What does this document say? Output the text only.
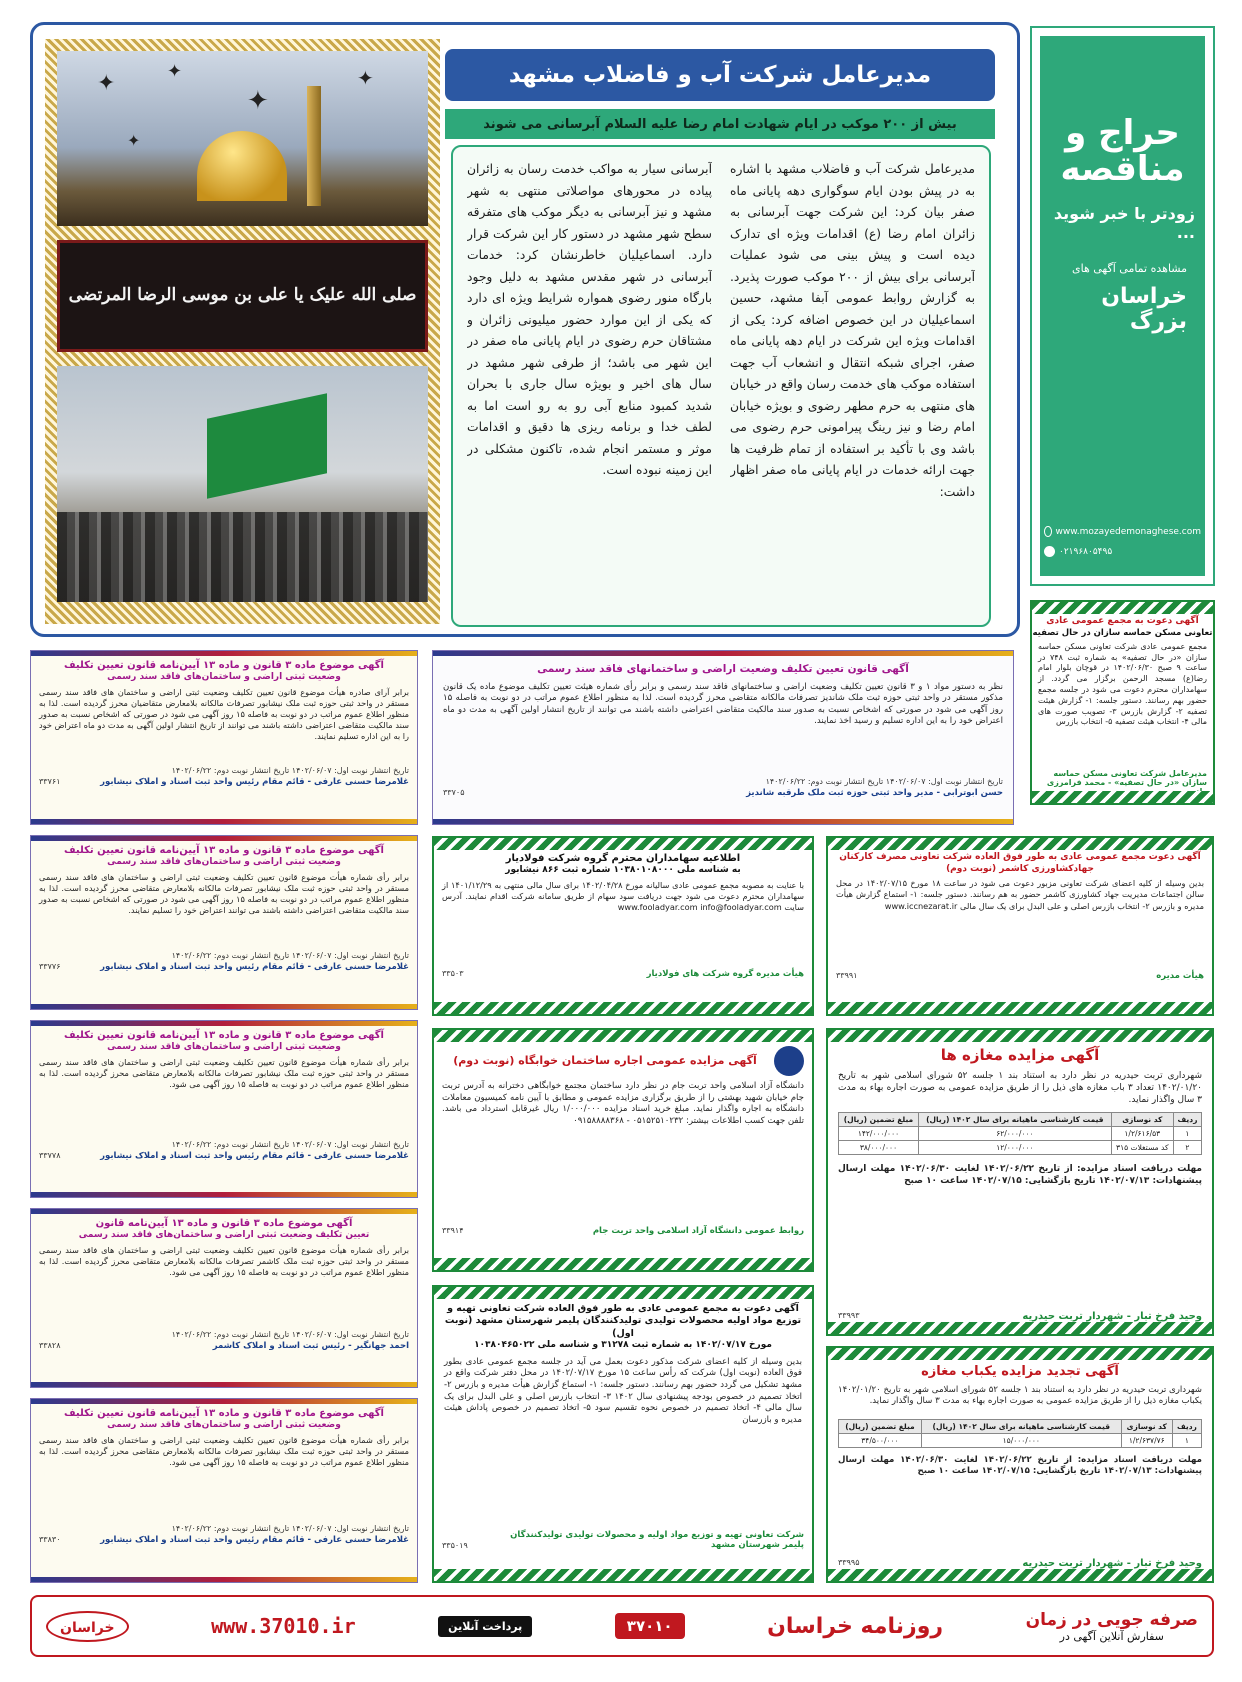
حراج و مناقصه
زودتر با خبر شوید ...
مشاهده تمامی آگهی های
خراسان بزرگ
www.mozayedemonaghese.com
۰۲۱۹۶۸۰۵۴۹۵
✦	✦
✦
✦
✦
صلی الله علیک یا علی بن موسی الرضا المرتضی
مدیرعامل شرکت آب و فاضلاب مشهد
بیش از ۲۰۰ موکب در ایام شهادت امام رضا علیه السلام آبرسانی می شوند

مدیرعامل شرکت آب و فاضلاب مشهد با اشاره به در پیش بودن ایام سوگواری دهه پایانی ماه صفر بیان کرد: این شرکت جهت آبرسانی به زائران امام رضا (ع) اقدامات ویژه ای تدارک دیده است و پیش بینی می شود عملیات آبرسانی برای بیش از ۲۰۰ موکب صورت پذیرد. به گزارش روابط عمومی آبفا مشهد، حسین اسماعیلیان در این خصوص اضافه کرد: یکی از اقدامات ویژه این شرکت در ایام دهه پایانی ماه صفر، اجرای شبکه انتقال و انشعاب آب جهت استفاده موکب های خدمت رسان واقع در خیابان های منتهی به حرم مطهر رضوی و بویژه خیابان امام رضا و نیز رینگ پیرامونی حرم رضوی می باشد وی با تأکید بر استفاده از تمام ظرفیت ها جهت ارائه خدمات در ایام پایانی ماه صفر اظهار داشت:

آبرسانی سیار به مواکب خدمت رسان به زائران پیاده در محورهای مواصلاتی منتهی به شهر مشهد و نیز آبرسانی به دیگر موکب های متفرقه سطح شهر مشهد در دستور کار این شرکت قرار دارد. اسماعیلیان خاطرنشان کرد: خدمات آبرسانی در شهر مقدس مشهد به دلیل وجود بارگاه منور رضوی همواره شرایط ویژه ای دارد که یکی از این موارد حضور میلیونی زائران و مشتاقان حرم رضوی در ایام پایانی ماه صفر در این شهر می باشد؛ از طرفی شهر مشهد در سال های اخیر و بویژه سال جاری با بحران شدید کمبود منابع آبی رو به رو است اما به لطف خدا و برنامه ریزی ها دقیق و اقدامات موثر و مستمر انجام شده، تاکنون مشکلی در این زمینه نبوده است.

آگهی دعوت به مجمع عمومی عادی
تعاونی مسکن حماسه سازان در حال تصفیه

مجمع عمومی عادی شرکت تعاونی مسکن حماسه سازان «در حال تصفیه» به شماره ثبت ۷۴۸ در ساعت ۹ صبح ۱۴۰۲/۰۶/۳۰ در قوچان بلوار امام رضا(ع) مسجد الرحمن برگزار می گردد. از سهامداران محترم دعوت می شود در جلسه مجمع حضور بهم رسانند. دستور جلسه: ۱- گزارش هیئت تصفیه ۲- گزارش بازرس ۳- تصویب صورت های مالی ۴- انتخاب هیئت تصفیه ۵- انتخاب بازرس

مدیرعامل شرکت تعاونی مسکن حماسه سازان «در حال تصفیه» - محمد فرامرزی
آگهی موضوع ماده ۳ قانون و ماده ۱۳ آیین‌نامه قانون تعیین تکلیف
وضعیت ثبتی اراضی و ساختمان‌های فاقد سند رسمی

برابر آرای صادره هیأت موضوع قانون تعیین تکلیف وضعیت ثبتی اراضی و ساختمان های فاقد سند رسمی مستقر در واحد ثبتی حوزه ثبت ملک نیشابور تصرفات مالکانه بلامعارض متقاضیان محرز گردیده است. لذا به منظور اطلاع عموم مراتب در دو نوبت به فاصله ۱۵ روز آگهی می شود در صورتی که اشخاص نسبت به صدور سند مالکیت متقاضی اعتراضی داشته باشند می توانند از تاریخ انتشار اولین آگهی به مدت دو ماه اعتراض خود را به این اداره تسلیم نمایند.

تاریخ انتشار نوبت اول: ۱۴۰۲/۰۶/۰۷ تاریخ انتشار نوبت دوم: ۱۴۰۲/۰۶/۲۲
غلامرضا حسنی عارفی - قائم مقام رئیس واحد ثبت اسناد و املاک نیشابور
۳۳۷۶۱
آگهی موضوع ماده ۳ قانون و ماده ۱۳ آیین‌نامه قانون تعیین تکلیف
وضعیت ثبتی اراضی و ساختمان‌های فاقد سند رسمی

برابر رأی شماره هیأت موضوع قانون تعیین تکلیف وضعیت ثبتی اراضی و ساختمان های فاقد سند رسمی مستقر در واحد ثبتی حوزه ثبت ملک نیشابور تصرفات مالکانه بلامعارض متقاضی محرز گردیده است. لذا به منظور اطلاع عموم مراتب در دو نوبت به فاصله ۱۵ روز آگهی می شود در صورتی که اشخاص نسبت به صدور سند مالکیت متقاضی اعتراضی داشته باشند می توانند اعتراض خود را تسلیم نمایند.

تاریخ انتشار نوبت اول: ۱۴۰۲/۰۶/۰۷ تاریخ انتشار نوبت دوم: ۱۴۰۲/۰۶/۲۲
غلامرضا حسنی عارفی - قائم مقام رئیس واحد ثبت اسناد و املاک نیشابور
۳۳۷۷۶
آگهی موضوع ماده ۳ قانون و ماده ۱۳ آیین‌نامه قانون تعیین تکلیف
وضعیت ثبتی اراضی و ساختمان‌های فاقد سند رسمی

برابر رأی شماره هیأت موضوع قانون تعیین تکلیف وضعیت ثبتی اراضی و ساختمان های فاقد سند رسمی مستقر در واحد ثبتی حوزه ثبت ملک نیشابور تصرفات مالکانه بلامعارض متقاضی محرز گردیده است. لذا به منظور اطلاع عموم مراتب در دو نوبت به فاصله ۱۵ روز آگهی می شود.

تاریخ انتشار نوبت اول: ۱۴۰۲/۰۶/۰۷ تاریخ انتشار نوبت دوم: ۱۴۰۲/۰۶/۲۲
غلامرضا حسنی عارفی - قائم مقام رئیس واحد ثبت اسناد و املاک نیشابور
۳۳۷۷۸
آگهی موضوع ماده ۳ قانون و ماده ۱۳ آیین‌نامه قانون
تعیین تکلیف وضعیت ثبتی اراضی و ساختمان‌های فاقد سند رسمی

برابر رأی شماره هیأت موضوع قانون تعیین تکلیف وضعیت ثبتی اراضی و ساختمان های فاقد سند رسمی مستقر در واحد ثبتی حوزه ثبت ملک کاشمر تصرفات مالکانه بلامعارض متقاضی محرز گردیده است. لذا به منظور اطلاع عموم مراتب در دو نوبت به فاصله ۱۵ روز آگهی می شود.

تاریخ انتشار نوبت اول: ۱۴۰۲/۰۶/۰۷ تاریخ انتشار نوبت دوم: ۱۴۰۲/۰۶/۲۲
احمد جهانگیر - رئیس ثبت اسناد و املاک کاشمر
۳۳۸۲۸
آگهی موضوع ماده ۳ قانون و ماده ۱۳ آیین‌نامه قانون تعیین تکلیف
وضعیت ثبتی اراضی و ساختمان‌های فاقد سند رسمی

برابر رأی شماره هیأت موضوع قانون تعیین تکلیف وضعیت ثبتی اراضی و ساختمان های فاقد سند رسمی مستقر در واحد ثبتی حوزه ثبت ملک نیشابور تصرفات مالکانه بلامعارض متقاضی محرز گردیده است. لذا به منظور اطلاع عموم مراتب در دو نوبت به فاصله ۱۵ روز آگهی می شود.

تاریخ انتشار نوبت اول: ۱۴۰۲/۰۶/۰۷ تاریخ انتشار نوبت دوم: ۱۴۰۲/۰۶/۲۲
غلامرضا حسنی عارفی - قائم مقام رئیس واحد ثبت اسناد و املاک نیشابور
۳۳۸۳۰
آگهی قانون تعیین تکلیف وضعیت اراضی و ساختمانهای فاقد سند رسمی

نظر به دستور مواد ۱ و ۳ قانون تعیین تکلیف وضعیت اراضی و ساختمانهای فاقد سند رسمی و برابر رأی شماره هیئت تعیین تکلیف موضوع ماده یک قانون مذکور مستقر در واحد ثبتی حوزه ثبت ملک شاندیز تصرفات مالکانه متقاضی محرز گردیده است. لذا به منظور اطلاع عموم مراتب در دو نوبت به فاصله ۱۵ روز آگهی می شود در صورتی که اشخاص نسبت به صدور سند مالکیت متقاضی اعتراضی داشته باشند می توانند از تاریخ انتشار اولین آگهی به مدت دو ماه اعتراض خود را به این اداره تسلیم و رسید اخذ نمایند.

تاریخ انتشار نوبت اول: ۱۴۰۲/۰۶/۰۷ تاریخ انتشار نوبت دوم: ۱۴۰۲/۰۶/۲۲
حسن ابوترابی - مدیر واحد ثبتی حوزه ثبت ملک طرقبه شاندیز
۳۳۷۰۵
اطلاعیه سهامداران محترم گروه شرکت فولادیار
به شناسه ملی ۱۰۳۸۰۱۰۸۰۰۰ شماره ثبت ۸۶۶ نیشابور

با عنایت به مصوبه مجمع عمومی عادی سالیانه مورخ ۱۴۰۲/۰۴/۲۸ برای سال مالی منتهی به ۱۴۰۱/۱۲/۲۹ از سهامداران محترم دعوت می شود جهت دریافت سود سهام از طریق سامانه شرکت اقدام نمایند. آدرس سایت www.fooladyar.com info@fooladyar.com

هیأت مدیره گروه شرکت های فولادیار
۳۳۵۰۳
آگهی دعوت مجمع عمومی عادی به طور فوق العاده شرکت تعاونی مصرف کارکنان
جهادکشاورزی کاشمر (نوبت دوم)

بدین وسیله از کلیه اعضای شرکت تعاونی مزبور دعوت می شود در ساعت ۱۸ مورخ ۱۴۰۲/۰۷/۱۵ در محل سالن اجتماعات مدیریت جهاد کشاورزی کاشمر حضور به هم رسانند. دستور جلسه: ۱- استماع گزارش هیأت مدیره و بازرس ۲- انتخاب بازرس اصلی و علی البدل برای یک سال مالی www.iccnezarat.ir

هیأت مدیره
۳۳۹۹۱
آگهی مزایده عمومی اجاره ساختمان خوابگاه (نوبت دوم)

دانشگاه آزاد اسلامی واحد تربت جام در نظر دارد ساختمان مجتمع خوابگاهی دخترانه به آدرس تربت جام خیابان شهید بهشتی را از طریق برگزاری مزایده عمومی و مطابق با آیین نامه کمیسیون معاملات دانشگاه به اجاره واگذار نماید. مبلغ خرید اسناد مزایده ۱/۰۰۰/۰۰۰ ریال غیرقابل استرداد می باشد. تلفن جهت کسب اطلاعات بیشتر: ۰۵۱۵۲۵۱۰۲۳۲ - ۰۹۱۵۸۸۸۸۳۶۸

روابط عمومی دانشگاه آزاد اسلامی واحد تربت جام
۳۳۹۱۴
آگهی دعوت به مجمع عمومی عادی به طور فوق العاده شرکت تعاونی تهیه و توزیع مواد اولیه محصولات تولیدی تولیدکنندگان پلیمر شهرستان مشهد (نوبت اول)
مورخ ۱۴۰۲/۰۷/۱۷ به شماره ثبت ۳۱۲۷۸ و شناسه ملی ۱۰۳۸۰۴۶۵۰۲۲

بدین وسیله از کلیه اعضای شرکت مذکور دعوت بعمل می آید در جلسه مجمع عمومی عادی بطور فوق العاده (نوبت اول) شرکت که رأس ساعت ۱۵ مورخ ۱۴۰۲/۰۷/۱۷ در محل دفتر شرکت واقع در مشهد تشکیل می گردد حضور بهم رسانند. دستور جلسه: ۱- استماع گزارش هیأت مدیره و بازرس ۲- اتخاذ تصمیم در خصوص بودجه پیشنهادی سال ۱۴۰۲ ۳- انتخاب بازرس اصلی و علی البدل برای یک سال مالی ۴- اتخاذ تصمیم در خصوص نحوه تقسیم سود ۵- اتخاذ تصمیم در خصوص پاداش هیئت مدیره و بازرسان

شرکت تعاونی تهیه و توزیع مواد اولیه و محصولات تولیدی تولیدکنندگان پلیمر شهرستان مشهد
۳۳۵۰۱۹
آگهی مزایده مغازه ها

شهرداری تربت حیدریه در نظر دارد به استناد بند ۱ جلسه ۵۲ شورای اسلامی شهر به تاریخ ۱۴۰۲/۰۱/۲۰ تعداد ۳ باب مغازه های ذیل را از طریق مزایده عمومی به صورت اجاره بهاء به مدت ۳ سال واگذار نماید.

ردیف	کد نوسازی	قیمت کارشناسی ماهیانه برای سال ۱۴۰۲ (ریال)	مبلغ تضمین (ریال)
۱	۱/۲/۶۱۶/۵۳	۶۲/۰۰۰/۰۰۰	۱۴۲/۰۰۰/۰۰۰
۲	کد مستغلات ۳۱۵	۱۲/۰۰۰/۰۰۰	۳۸/۰۰۰/۰۰۰

مهلت دریافت اسناد مزایده: از تاریخ ۱۴۰۲/۰۶/۲۲ لغایت ۱۴۰۲/۰۶/۳۰ مهلت ارسال پیشنهادات: ۱۴۰۲/۰۷/۱۳ تاریخ بازگشایی: ۱۴۰۲/۰۷/۱۵ ساعت ۱۰ صبح

وحید فرخ تبار - شهردار تربت حیدریه
۳۳۹۹۳
آگهی تجدید مزایده یکباب مغازه

شهرداری تربت حیدریه در نظر دارد به استناد بند ۱ جلسه ۵۲ شورای اسلامی شهر به تاریخ ۱۴۰۲/۰۱/۲۰ یکباب مغازه ذیل را از طریق مزایده عمومی به صورت اجاره بهاء به مدت ۳ سال واگذار نماید.

ردیف	کد نوسازی	قیمت کارشناسی ماهیانه برای سال ۱۴۰۲ (ریال)	مبلغ تضمین (ریال)
۱	۱/۲/۶۳۷/۷۶	۱۵/۰۰۰/۰۰۰	۳۴/۵۰۰/۰۰۰

مهلت دریافت اسناد مزایده: از تاریخ ۱۴۰۲/۰۶/۲۲ لغایت ۱۴۰۲/۰۶/۳۰ مهلت ارسال پیشنهادات: ۱۴۰۲/۰۷/۱۳ تاریخ بازگشایی: ۱۴۰۲/۰۷/۱۵ ساعت ۱۰ صبح

وحید فرخ تبار - شهردار تربت حیدریه
۳۳۹۹۵
صرفه جویی در زمان
سفارش آنلاین آگهی در
روزنامه خراسان
۳۷۰۱۰
پرداخت آنلاین
www.37010.ir
خراسان
